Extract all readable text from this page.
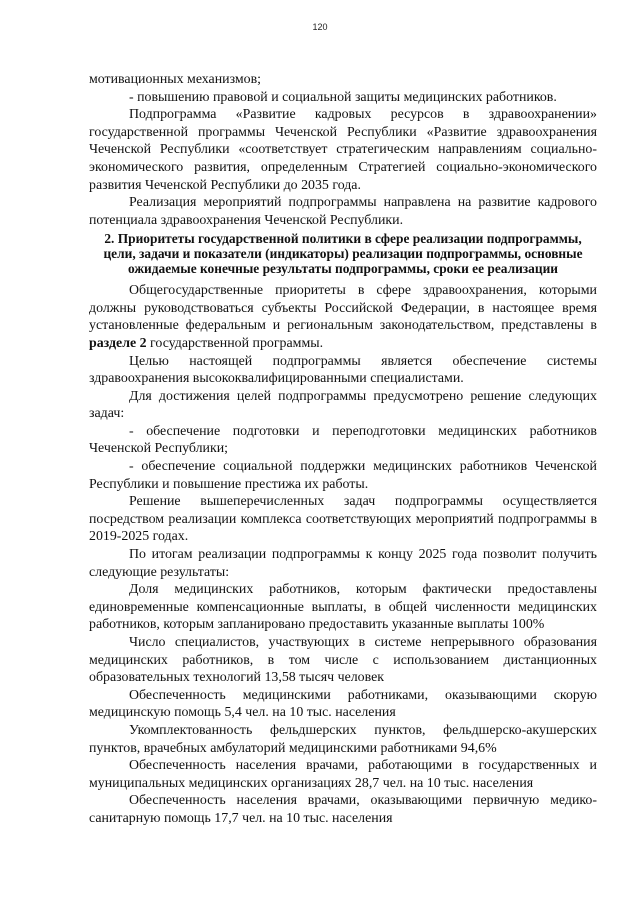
120

мотивационных механизмов;

- повышению правовой и социальной защиты медицинских работников.

Подпрограмма «Развитие кадровых ресурсов в здравоохранении» государственной программы Чеченской Республики «Развитие здравоохранения Чеченской Республики «соответствует стратегическим направлениям социально-экономического развития, определенным Стратегией социально-экономического развития Чеченской Республики до 2035 года.

Реализация мероприятий подпрограммы направлена на развитие кадрового потенциала здравоохранения Чеченской Республики.

2. Приоритеты государственной политики в сфере реализации подпрограммы, цели, задачи и показатели (индикаторы) реализации подпрограммы, основные ожидаемые конечные результаты подпрограммы, сроки ее реализации

Общегосударственные приоритеты в сфере здравоохранения, которыми должны руководствоваться субъекты Российской Федерации, в настоящее время установленные федеральным и региональным законодательством, представлены в разделе 2 государственной программы.

Целью настоящей подпрограммы является обеспечение системы здравоохранения высококвалифицированными специалистами.

Для достижения целей подпрограммы предусмотрено решение следующих задач:

- обеспечение подготовки и переподготовки медицинских работников Чеченской Республики;

- обеспечение социальной поддержки медицинских работников Чеченской Республики и повышение престижа их работы.

Решение вышеперечисленных задач подпрограммы осуществляется посредством реализации комплекса соответствующих мероприятий подпрограммы в 2019-2025 годах.

По итогам реализации подпрограммы к концу 2025 года позволит получить следующие результаты:

Доля медицинских работников, которым фактически предоставлены единовременные компенсационные выплаты, в общей численности медицинских работников, которым запланировано предоставить указанные выплаты 100%

Число специалистов, участвующих в системе непрерывного образования медицинских работников, в том числе с использованием дистанционных образовательных технологий 13,58 тысяч человек

Обеспеченность медицинскими работниками, оказывающими скорую медицинскую помощь 5,4 чел. на 10 тыс. населения

Укомплектованность фельдшерских пунктов, фельдшерско-акушерских пунктов, врачебных амбулаторий медицинскими работниками 94,6%

Обеспеченность населения врачами, работающими в государственных и муниципальных медицинских организациях 28,7 чел. на 10 тыс. населения

Обеспеченность населения врачами, оказывающими первичную медико-санитарную помощь 17,7 чел. на 10 тыс. населения
